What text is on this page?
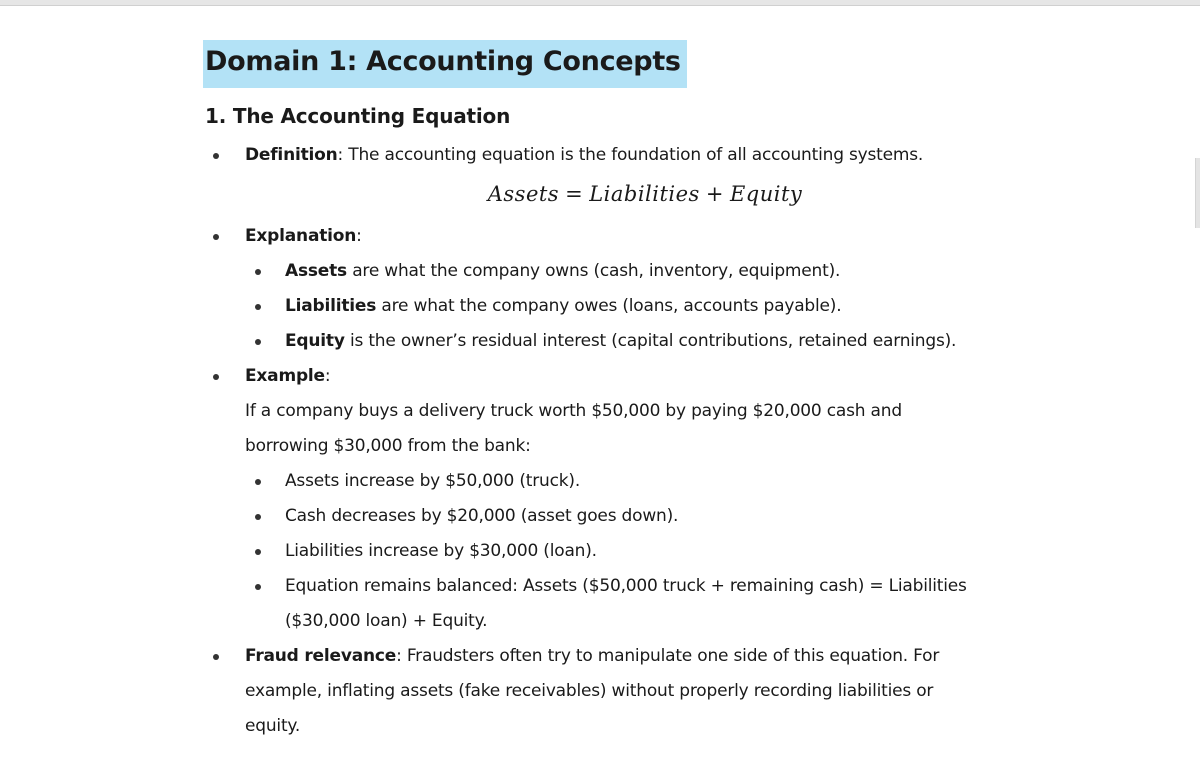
Domain 1: Accounting Concepts
1. The Accounting Equation
Definition: The accounting equation is the foundation of all accounting systems.
Assets = Liabilities + Equity
Explanation:
Assets are what the company owns (cash, inventory, equipment).
Liabilities are what the company owes (loans, accounts payable).
Equity is the owner’s residual interest (capital contributions, retained earnings).
Example:
If a company buys a delivery truck worth $50,000 by paying $20,000 cash and borrowing $30,000 from the bank:
Assets increase by $50,000 (truck).
Cash decreases by $20,000 (asset goes down).
Liabilities increase by $30,000 (loan).
Equation remains balanced: Assets ($50,000 truck + remaining cash) = Liabilities ($30,000 loan) + Equity.
Fraud relevance: Fraudsters often try to manipulate one side of this equation. For example, inflating assets (fake receivables) without properly recording liabilities or equity.
